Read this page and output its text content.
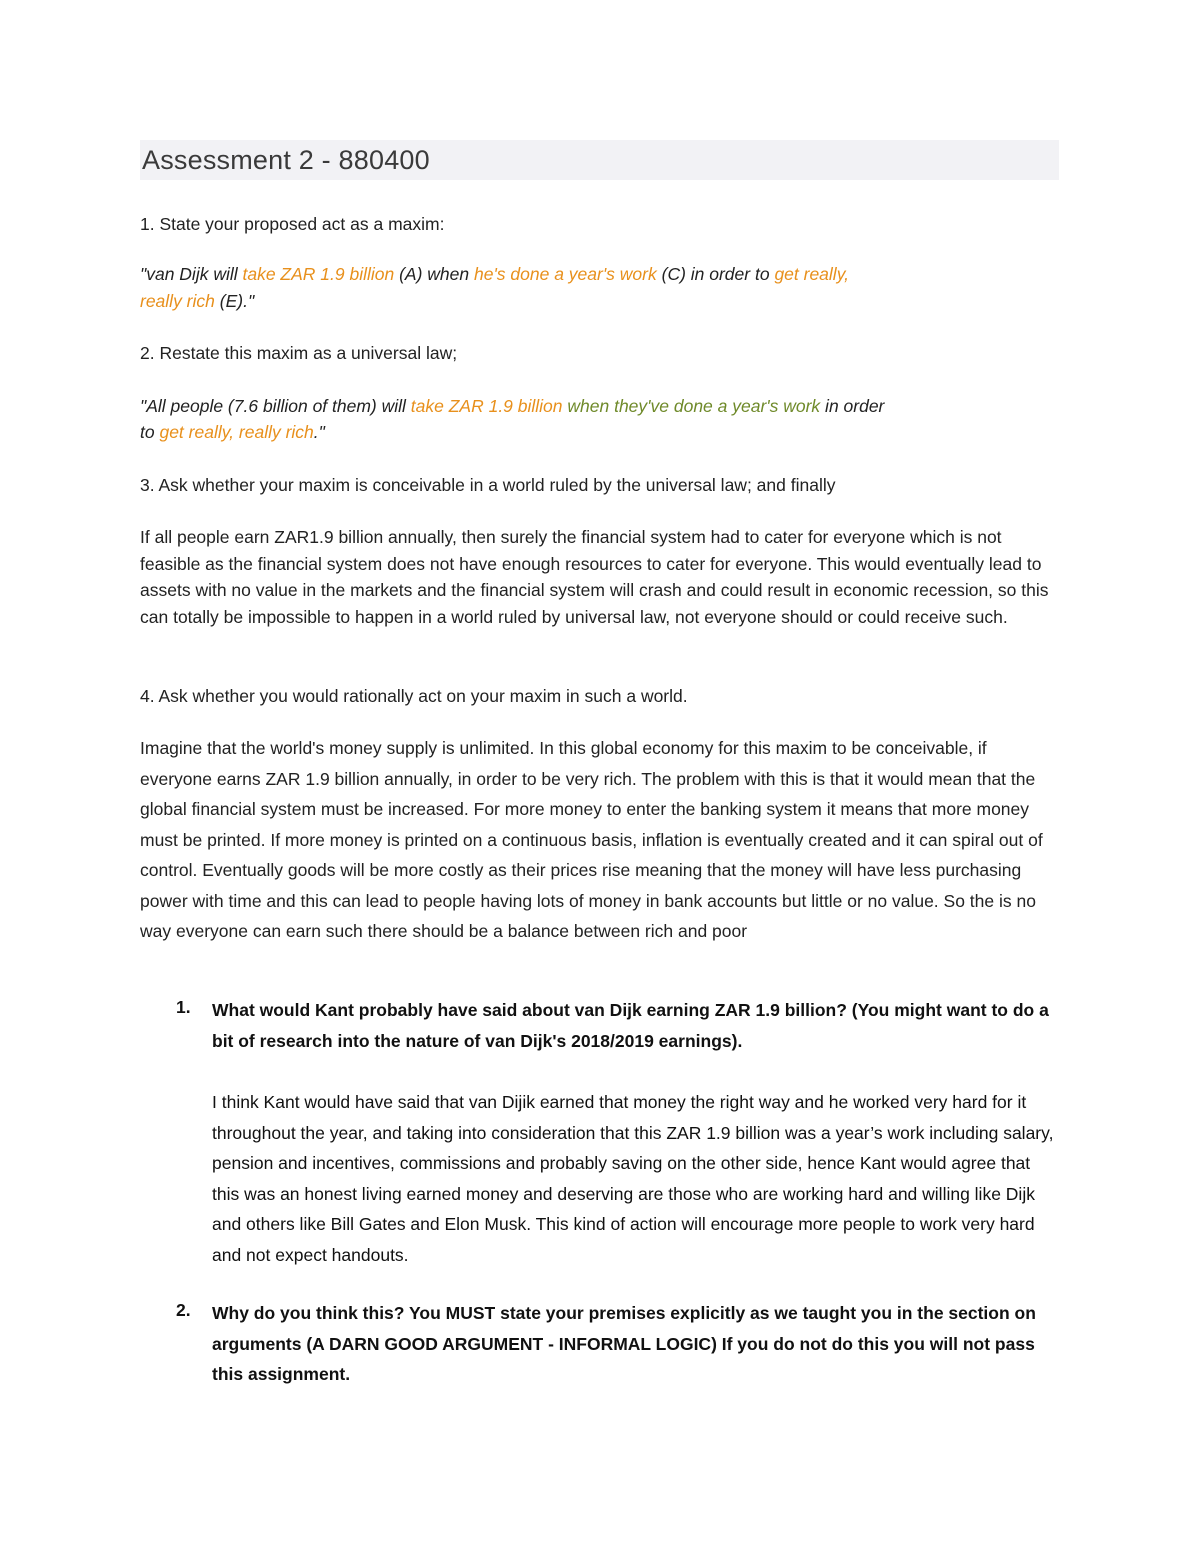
Assessment 2 - 880400
1. State your proposed act as a maxim:
"van Dijk will take ZAR 1.9 billion (A) when he's done a year's work (C) in order to get really,
really rich (E)."
2. Restate this maxim as a universal law;
"All people (7.6 billion of them) will take ZAR 1.9 billion when they've done a year's work in order
to get really, really rich."
3. Ask whether your maxim is conceivable in a world ruled by the universal law; and finally
If all people earn ZAR1.9 billion annually, then surely the financial system had to cater for everyone which is not feasible as the financial system does not have enough resources to cater for everyone. This would eventually lead to assets with no value in the markets and the financial system will crash and could result in economic recession, so this can totally be impossible to happen in a world ruled by universal law, not everyone should or could receive such.
4. Ask whether you would rationally act on your maxim in such a world.
Imagine that the world's money supply is unlimited. In this global economy for this maxim to be conceivable, if everyone earns ZAR 1.9 billion annually, in order to be very rich. The problem with this is that it would mean that the global financial system must be increased. For more money to enter the banking system it means that more money must be printed. If more money is printed on a continuous basis, inflation is eventually created and it can spiral out of control. Eventually goods will be more costly as their prices rise meaning that the money will have less purchasing power with time and this can lead to people having lots of money in bank accounts but little or no value. So the is no way everyone can earn such there should be a balance between rich and poor
1. What would Kant probably have said about van Dijk earning ZAR 1.9 billion? (You might want to do a bit of research into the nature of van Dijk's 2018/2019 earnings).
I think Kant would have said that van Dijik earned that money the right way and he worked very hard for it throughout the year, and taking into consideration that this ZAR 1.9 billion was a year’s work including salary, pension and incentives, commissions and probably saving on the other side, hence Kant would agree that this was an honest living earned money and deserving are those who are working hard and willing like Dijk and others like Bill Gates and Elon Musk. This kind of action will encourage more people to work very hard and not expect handouts.
2. Why do you think this? You MUST state your premises explicitly as we taught you in the section on arguments (A DARN GOOD ARGUMENT - INFORMAL LOGIC) If you do not do this you will not pass this assignment.
